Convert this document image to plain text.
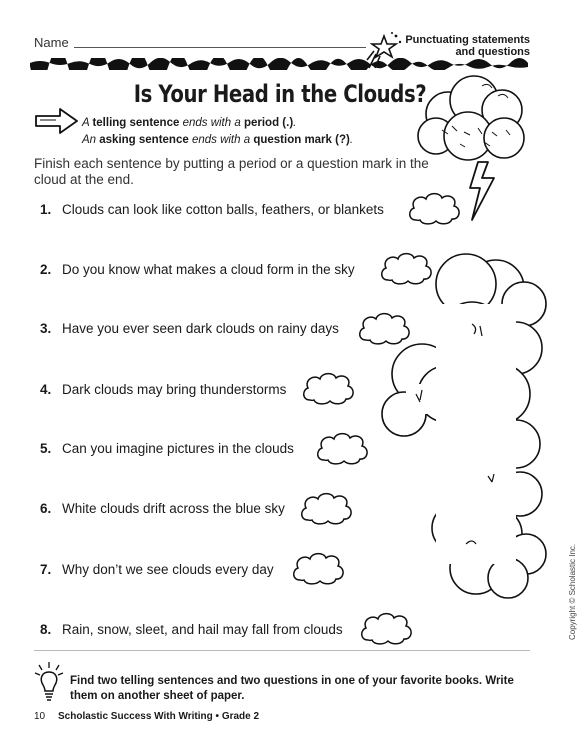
Name	Punctuating statements and questions
Is Your Head in the Clouds?
A telling sentence ends with a period (.).
An asking sentence ends with a question mark (?).
Finish each sentence by putting a period or a question mark in the cloud at the end.
1. Clouds can look like cotton balls, feathers, or blankets
2. Do you know what makes a cloud form in the sky
3. Have you ever seen dark clouds on rainy days
4. Dark clouds may bring thunderstorms
5. Can you imagine pictures in the clouds
6. White clouds drift across the blue sky
7. Why don’t we see clouds every day
8. Rain, snow, sleet, and hail may fall from clouds	Copyright © Scholastic Inc.
Find two telling sentences and two questions in one of your favorite books. Write them on another sheet of paper.
10 Scholastic Success With Writing • Grade 2
